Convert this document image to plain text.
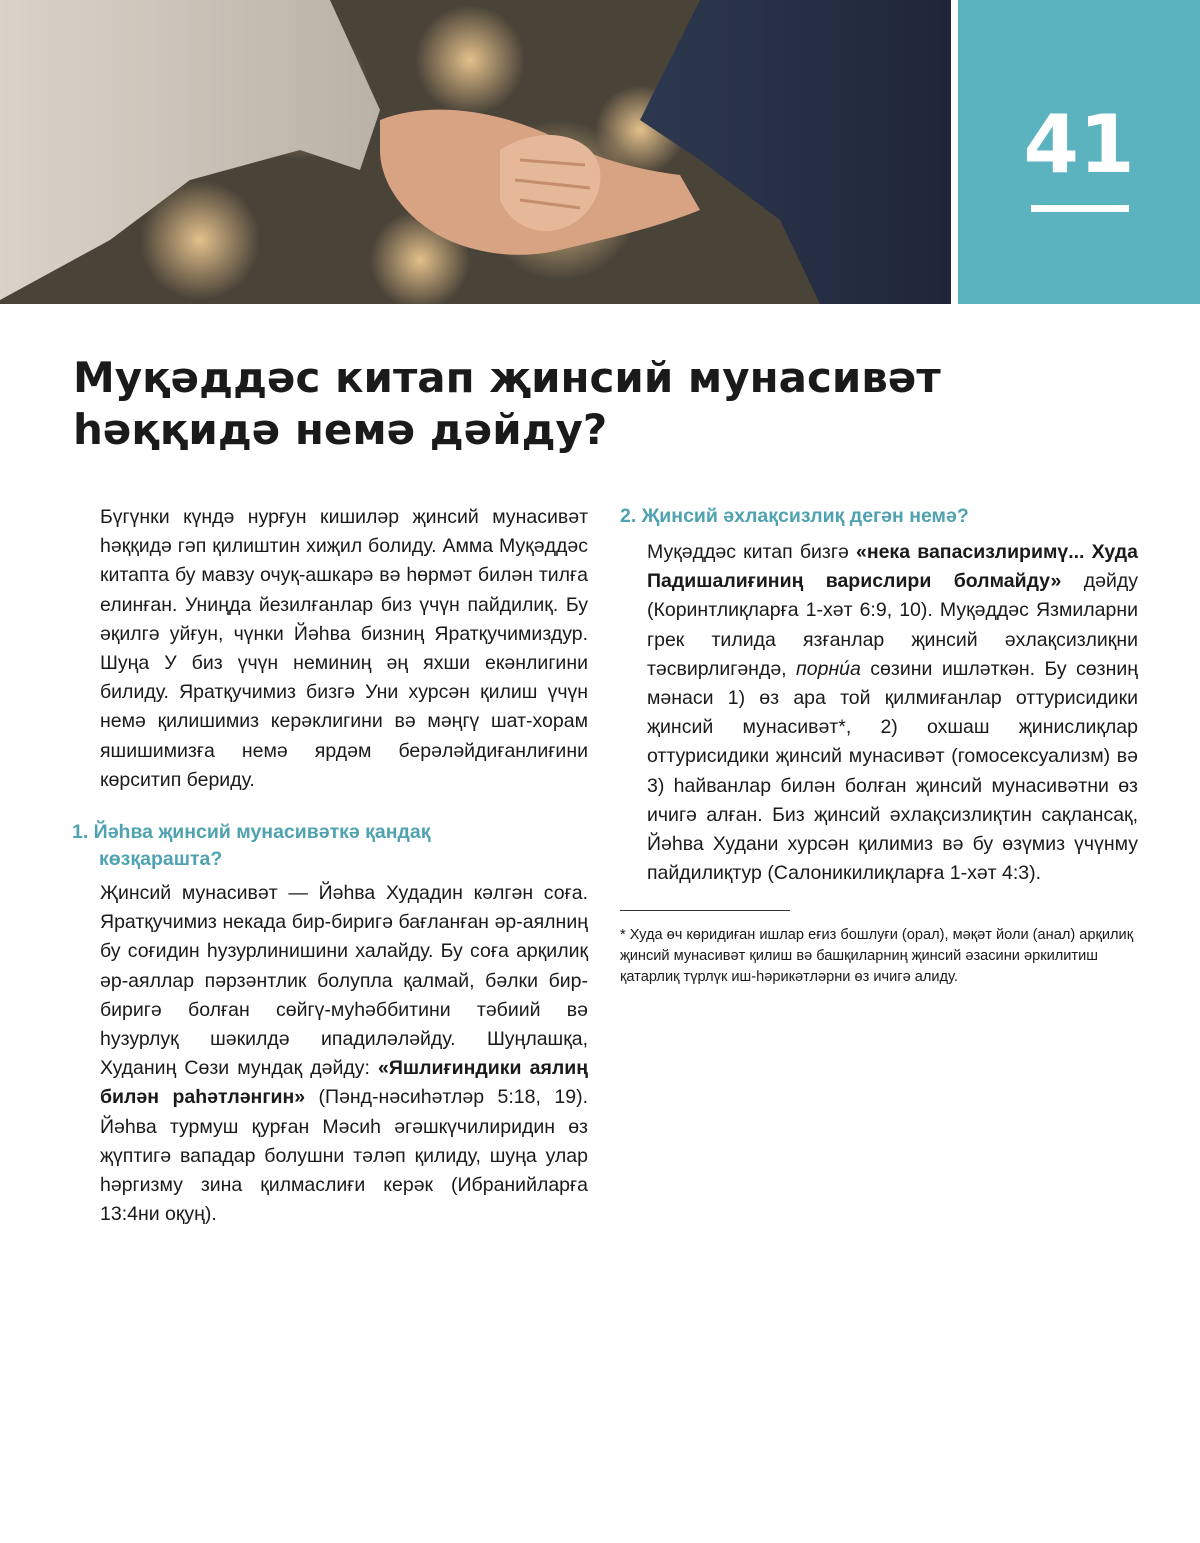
41
Муқәддәс китап җинсий мунасивәт
һәққидә немә дәйду?

Бүгүнки күндә нурғун кишиләр җинсий мунасивәт һәққидә гәп қилиштин хиҗил болиду. Амма Муқәддәс китапта бу мавзу очуқ-ашкарә вә һөрмәт билән тилға елинған. Униңда йезилғанлар биз үчүн пайдилиқ. Бу әқилгә уйғун, чүнки Йәһва бизниң Яратқучимиздур. Шуңа У биз үчүн неминиң әң яхши екәнлигини билиду. Яратқучимиз бизгә Уни хурсән қилиш үчүн немә қилишимиз керәклигини вә мәңгү шат-хорам яшишимизға немә ярдәм берәләйдиғанлиғини көрситип бериду.

1. Йәһва җинсий мунасивәткә қандақ
көзқарашта?

Җинсий мунасивәт — Йәһва Худадин кәлгән соға. Яратқучимиз некада бир-биригә бағланған әр-аялниң бу соғидин һузурлинишини халайду. Бу соға арқилиқ әр-аяллар пәрзәнтлик болупла қалмай, бәлки бир-биригә болған сөйгү-муһәббитини тәбиий вә һузурлуқ шәкилдә ипадиләләйду. Шуңлашқа, Худаниң Сөзи мундақ дәйду: «Яшлиғиндики аялиң билән раһәтләнгин» (Пәнд-нәсиһәтләр 5:18, 19). Йәһва турмуш қурған Мәсиһ әгәшкүчилиридин өз җүптигә вападар болушни тәләп қилиду, шуңа улар һәргизму зина қилмаслиғи керәк (Ибранийларға 13:4ни оқуң).

2. Җинсий әхлақсизлиқ дегән немә?

Муқәддәс китап бизгә «нека вапасизлиримү... Худа Падишалиғиниң варислири болмайду» дәйду (Коринтлиқларға 1-хәт 6:9, 10). Муқәддәс Язмиларни грек тилида язғанлар җинсий әхлақсизлиқни тәсвирлигәндә, порни́а сөзини ишләткән. Бу сөзниң мәнаси 1) өз ара той қилмиғанлар оттурисидики җинсий мунасивәт*, 2) охшаш җинислиқлар оттурисидики җинсий мунасивәт (гомосексуализм) вә 3) һайванлар билән болған җинсий мунасивәтни өз ичигә алған. Биз җинсий әхлақсизлиқтин сақлансақ, Йәһва Худани хурсән қилимиз вә бу өзүмиз үчүнму пайдилиқтур (Салоникилиқларға 1-хәт 4:3).

* Худа өч көридиған ишлар еғиз бошлуғи (орал), мәқәт йоли (анал) арқилиқ җинсий мунасивәт қилиш вә башқиларниң җинсий әзасини әркилитиш қатарлиқ түрлүк иш-һәрикәтләрни өз ичигә алиду.
